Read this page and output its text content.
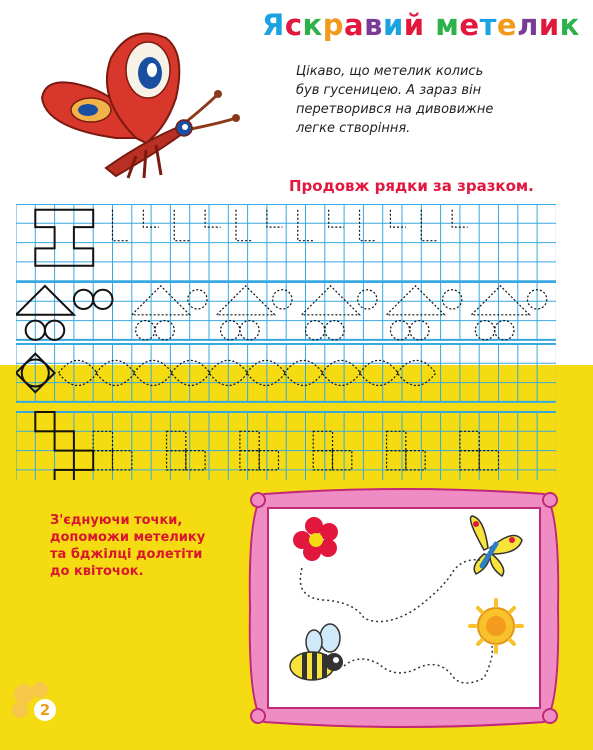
Яскравий метелик
Цікаво, що метелик колись
був гусеницею. А зараз він
перетворився на дивовижне
легке створіння.
Продовж рядки за зразком.
З'єднуючи точки,
допоможи метелику
та бджілці долетіти
до квіточок.
2
